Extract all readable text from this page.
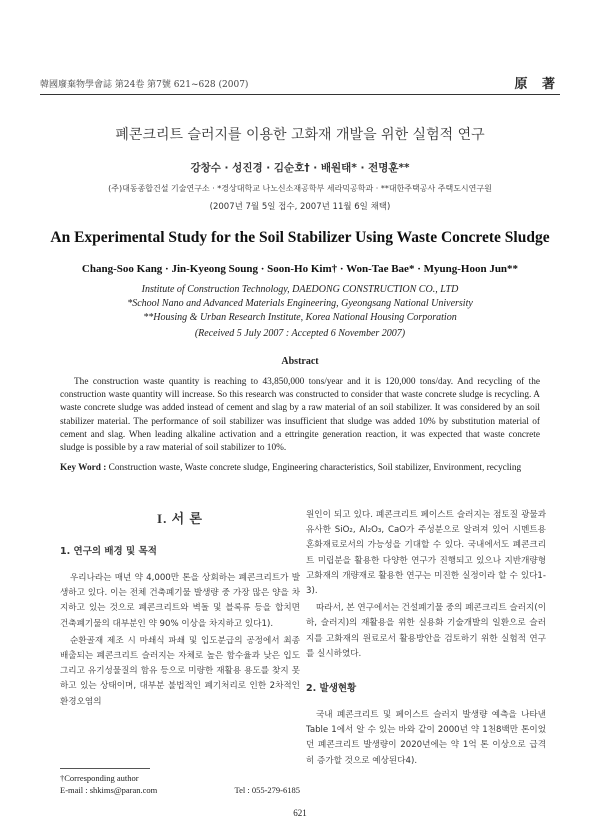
韓國廢棄物學會誌 第24卷 第7號 621~628 (2007)	原 著
폐콘크리트 슬러지를 이용한 고화재 개발을 위한 실험적 연구
강창수 · 성진경 · 김순호† · 배원태* · 전명훈**
(주)대동종합건설 기술연구소 · *경상대학교 나노신소재공학부 세라믹공학과 · **대한주택공사 주택도시연구원
(2007년 7월 5일 접수, 2007년 11월 6일 채택)
An Experimental Study for the Soil Stabilizer Using Waste Concrete Sludge
Chang-Soo Kang · Jin-Kyeong Soung · Soon-Ho Kim† · Won-Tae Bae* · Myung-Hoon Jun**
Institute of Construction Technology, DAEDONG CONSTRUCTION CO., LTD
*School Nano and Advanced Materials Engineering, Gyeongsang National University
**Housing & Urban Research Institute, Korea National Housing Corporation
(Received 5 July 2007 : Accepted 6 November 2007)
Abstract
The construction waste quantity is reaching to 43,850,000 tons/year and it is 120,000 tons/day. And recycling of the construction waste quantity will increase. So this research was constructed to consider that waste concrete sludge is recycling. A waste concrete sludge was added instead of cement and slag by a raw material of an soil stabilizer. It was considered by an soil stabilizer material. The performance of soil stabilizer was insufficient that sludge was added 10% by substitution material of cement and slag. When leading alkaline activation and a ettringite generation reaction, it was expected that waste concrete sludge is possible by a raw material of soil stabilizer to 10%.
Key Word : Construction waste, Waste concrete sludge, Engineering characteristics, Soil stabilizer, Environment, recycling
I. 서 론
1. 연구의 배경 및 목적

우리나라는 매년 약 4,000만 톤을 상회하는 폐콘크리트가 발생하고 있다. 이는 전체 건축폐기물 발생량 중 가장 많은 양을 차지하고 있는 것으로 폐콘크리트와 벽돌 및 블록류 등을 합치면 건축폐기물의 대부분인 약 90% 이상을 차지하고 있다1).

순환골재 제조 시 마쇄식 파쇄 및 입도분급의 공정에서 최종 배출되는 폐콘크리트 슬러지는 자체로 높은 함수율과 낮은 입도 그리고 유기성물질의 함유 등으로 미량한 재활용 용도를 찾지 못하고 있는 상태이며, 대부분 불법적인 폐기처리로 인한 2차적인 환경오염의

원인이 되고 있다. 폐콘크리트 페이스트 슬러지는 점토질 광물과 유사한 SiO₂, Al₂O₃, CaO가 주성분으로 알려져 있어 시멘트용 혼화재료로서의 가능성을 기대할 수 있다. 국내에서도 폐콘크리트 미립분을 활용한 다양한 연구가 진행되고 있으나 지반개량형 고화재의 개량재로 활용한 연구는 미진한 실정이라 할 수 있다1-3).

따라서, 본 연구에서는 건설폐기물 중의 폐콘크리트 슬러지(이하, 슬러지)의 재활용을 위한 실용화 기술개발의 일환으로 슬러지를 고화재의 원료로서 활용방안을 검토하기 위한 실험적 연구를 실시하였다.

2. 발생현황

국내 폐콘크리트 및 페이스트 슬러지 발생량 예측을 나타낸 Table 1에서 알 수 있는 바와 같이 2000년 약 1천8백만 톤이었던 폐콘크리트 발생량이 2020년에는 약 1억 톤 이상으로 급격히 증가할 것으로 예상된다4).

†Corresponding author
E-mail : shkims@paran.com	Tel : 055-279-6185
621
